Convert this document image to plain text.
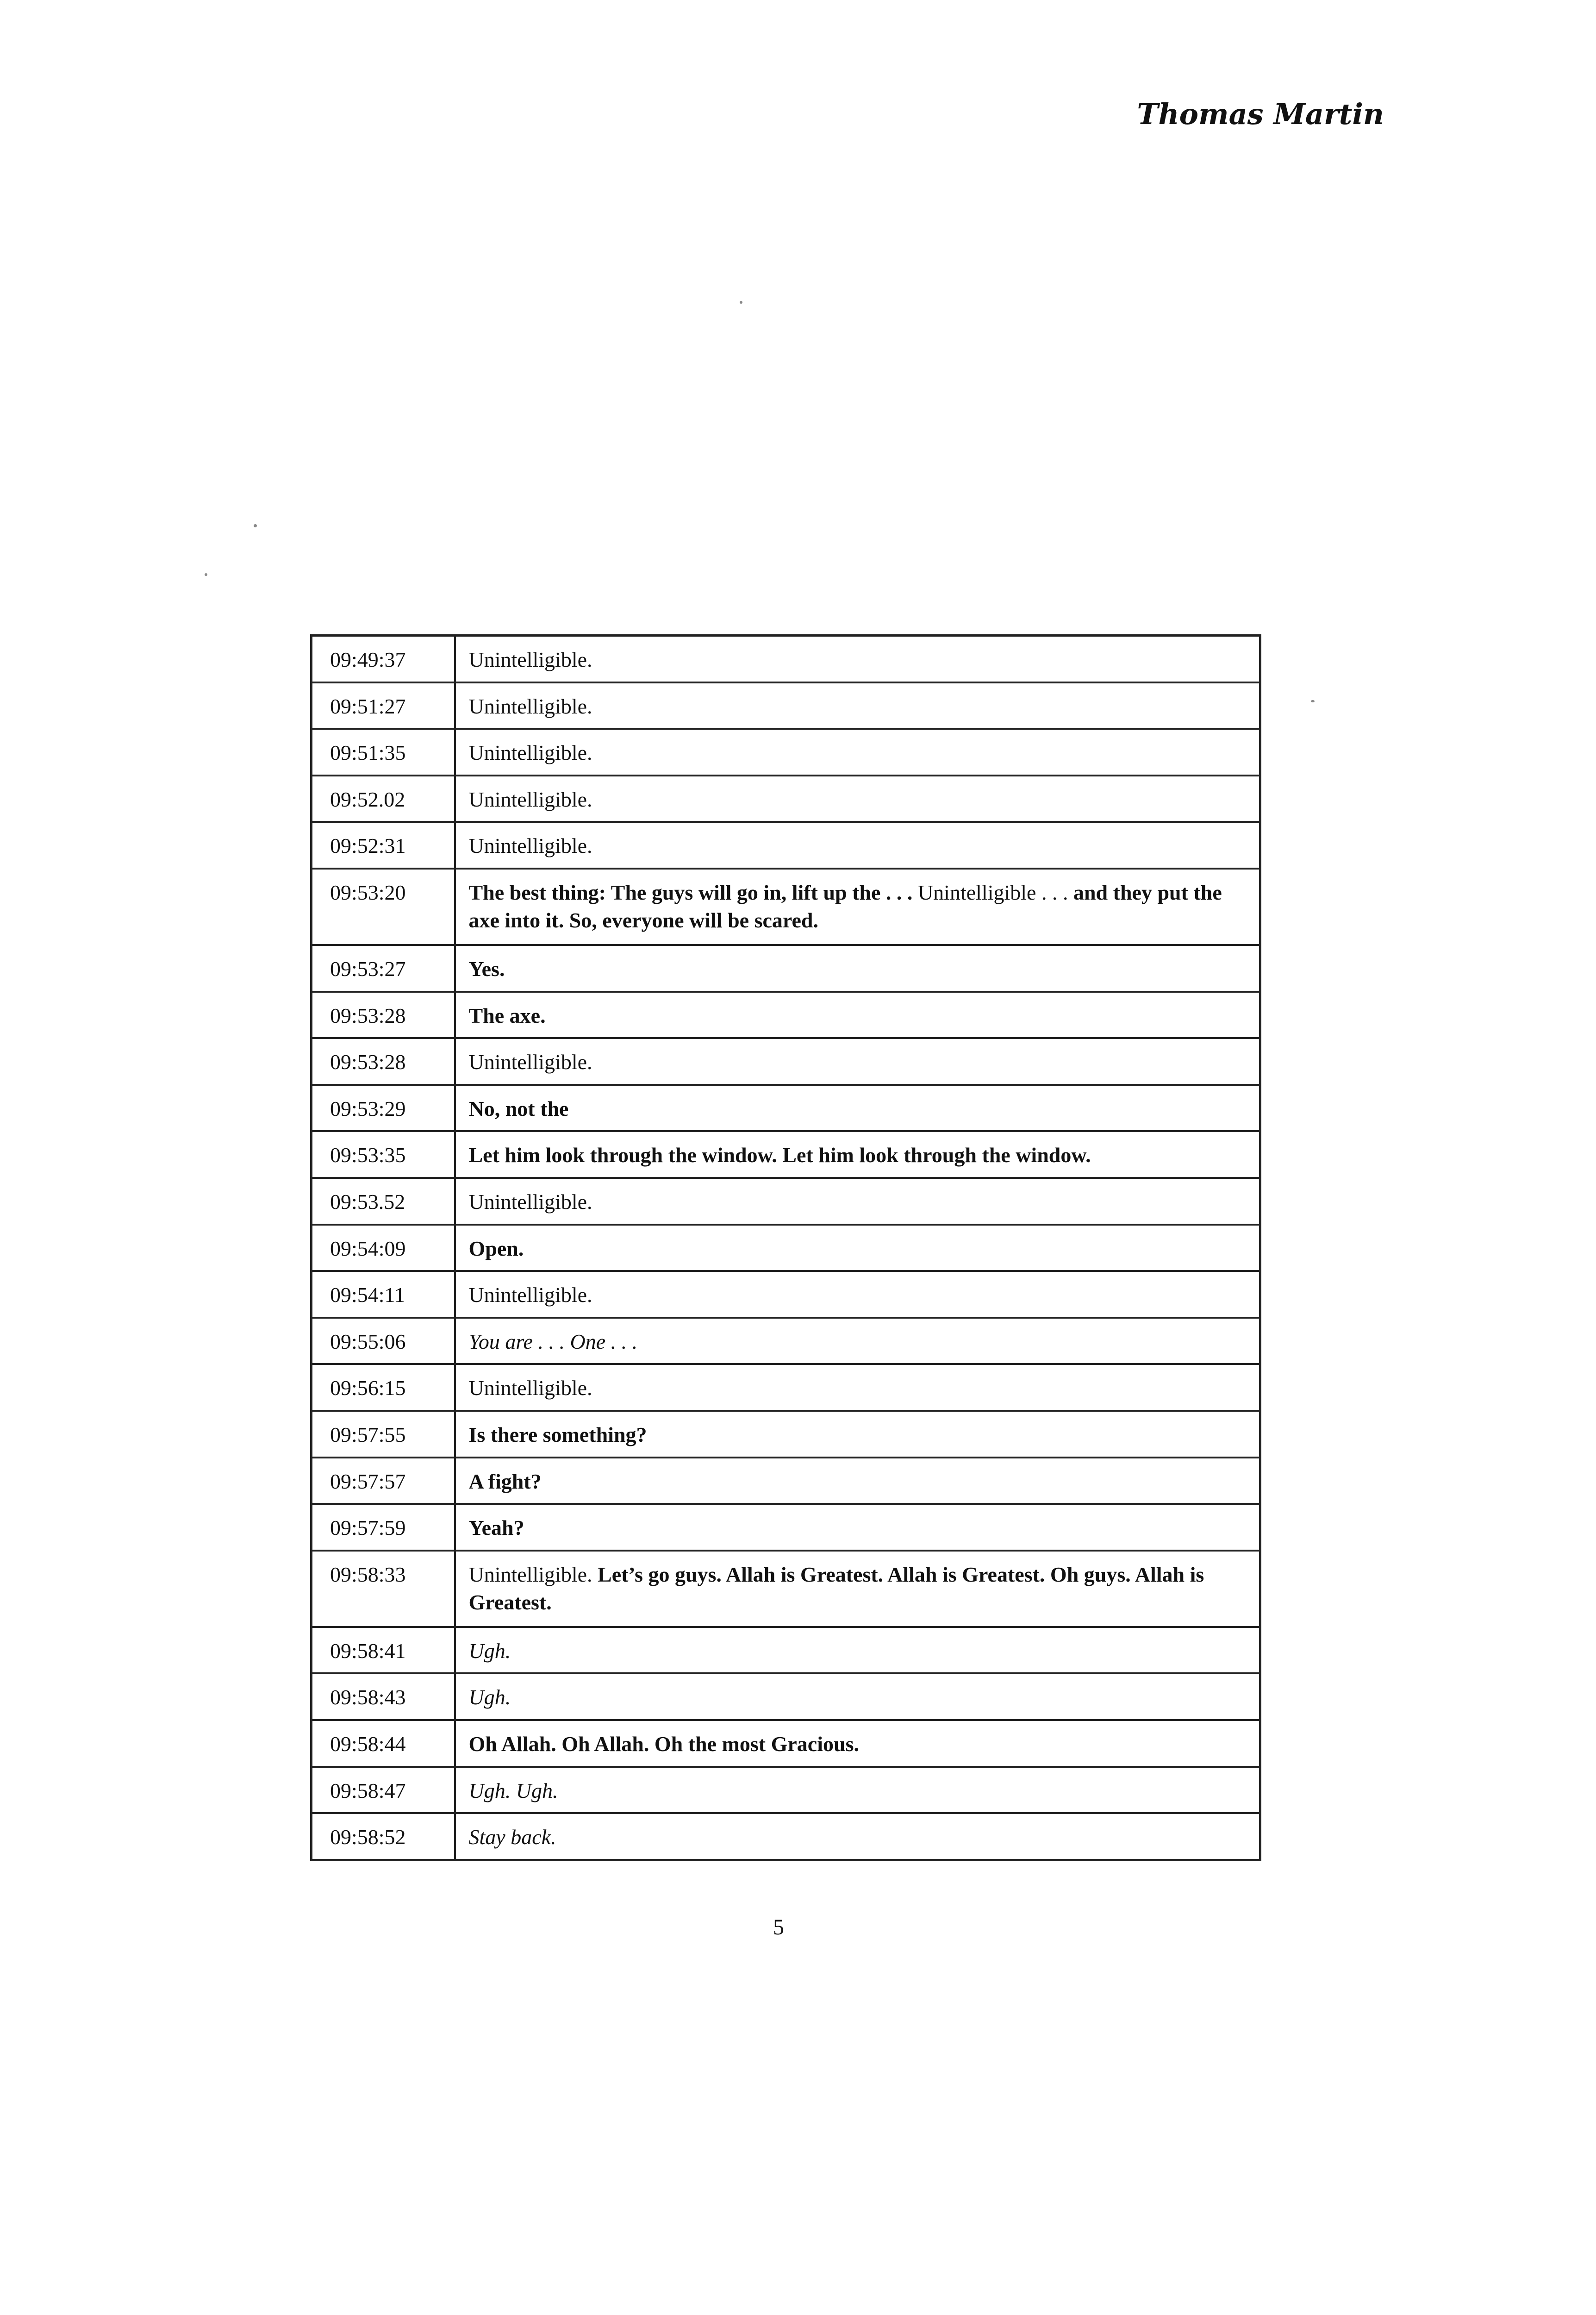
Thomas Martin
09:49:37	Unintelligible.
09:51:27	Unintelligible.
09:51:35	Unintelligible.
09:52.02	Unintelligible.
09:52:31	Unintelligible.
09:53:20	The best thing: The guys will go in, lift up the . . . Unintelligible . . . and they put the axe into it. So, everyone will be scared.
09:53:27	Yes.
09:53:28	The axe.
09:53:28	Unintelligible.
09:53:29	No, not the
09:53:35	Let him look through the window. Let him look through the window.
09:53.52	Unintelligible.
09:54:09	Open.
09:54:11	Unintelligible.
09:55:06	You are . . . One . . .
09:56:15	Unintelligible.
09:57:55	Is there something?
09:57:57	A fight?
09:57:59	Yeah?
09:58:33	Unintelligible. Let’s go guys. Allah is Greatest. Allah is Greatest. Oh guys. Allah is Greatest.
09:58:41	Ugh.
09:58:43	Ugh.
09:58:44	Oh Allah. Oh Allah. Oh the most Gracious.
09:58:47	Ugh. Ugh.
09:58:52	Stay back.

5
